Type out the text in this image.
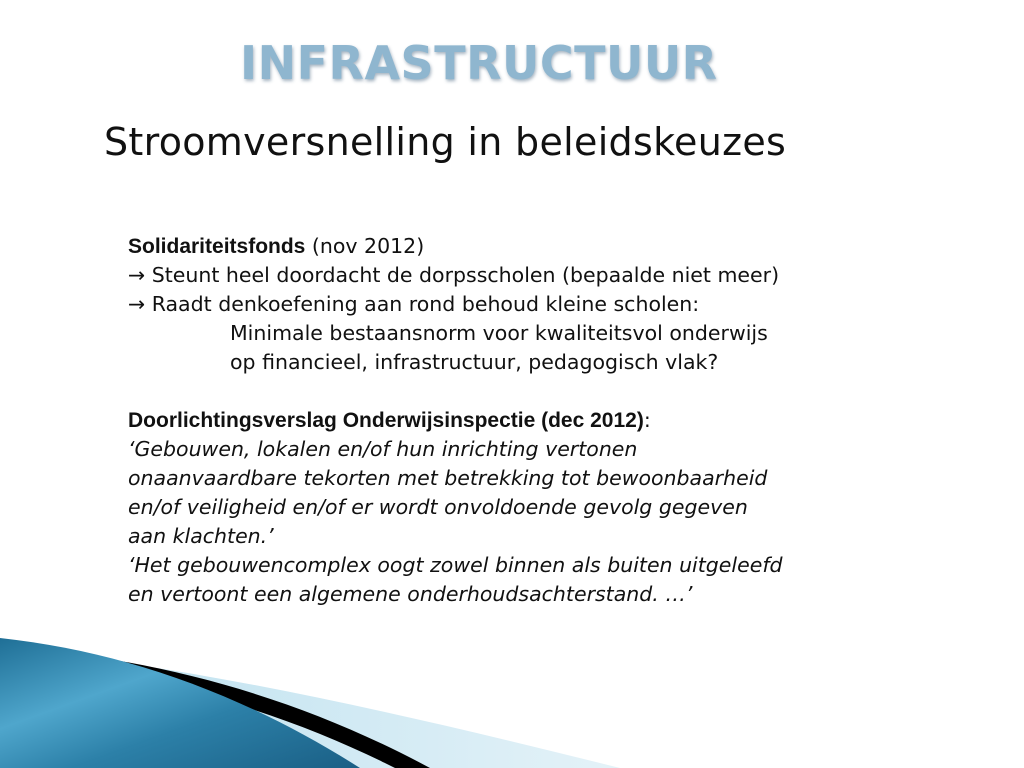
INFRASTRUCTUUR
Stroomversnelling in beleidskeuzes
Solidariteitsfonds (nov 2012)
→ Steunt heel doordacht de dorpsscholen (bepaalde niet meer)
→ Raadt denkoefening aan rond behoud kleine scholen:
Minimale bestaansnorm voor kwaliteitsvol onderwijs
op financieel, infrastructuur, pedagogisch vlak?
Doorlichtingsverslag Onderwijsinspectie (dec 2012):
‘Gebouwen, lokalen en/of hun inrichting vertonen
onaanvaardbare tekorten met betrekking tot bewoonbaarheid
en/of veiligheid en/of er wordt onvoldoende gevolg gegeven
aan klachten.’
‘Het gebouwencomplex oogt zowel binnen als buiten uitgeleefd
en vertoont een algemene onderhoudsachterstand. …’
